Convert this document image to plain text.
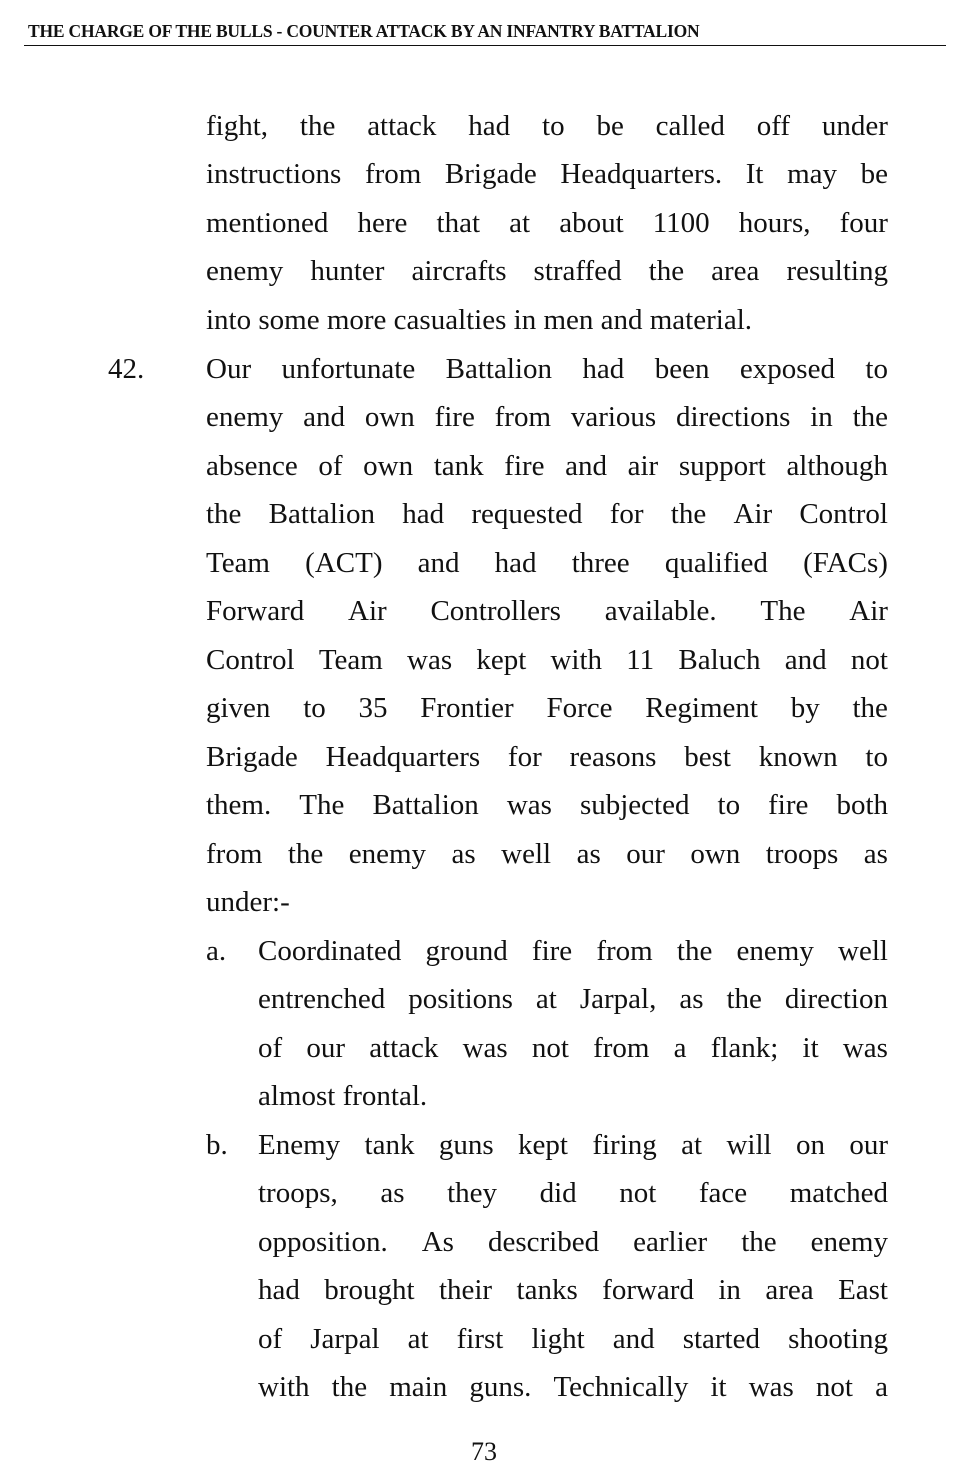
THE CHARGE OF THE BULLS - COUNTER ATTACK BY AN INFANTRY BATTALION
fight, the attack had to be called off under
instructions from Brigade Headquarters. It may be
mentioned here that at about 1100 hours, four
enemy hunter aircrafts straffed the area resulting
into some more casualties in men and material.
42. Our unfortunate Battalion had been exposed to
enemy and own fire from various directions in the
absence of own tank fire and air support although
the Battalion had requested for the Air Control
Team (ACT) and had three qualified (FACs)
Forward Air Controllers available. The Air
Control Team was kept with 11 Baluch and not
given to 35 Frontier Force Regiment by the
Brigade Headquarters for reasons best known to
them. The Battalion was subjected to fire both
from the enemy as well as our own troops as
under:-
a. Coordinated ground fire from the enemy well
entrenched positions at Jarpal, as the direction
of our attack was not from a flank; it was
almost frontal.
b. Enemy tank guns kept firing at will on our
troops, as they did not face matched
opposition. As described earlier the enemy
had brought their tanks forward in area East
of Jarpal at first light and started shooting
with the main guns. Technically it was not a
73
